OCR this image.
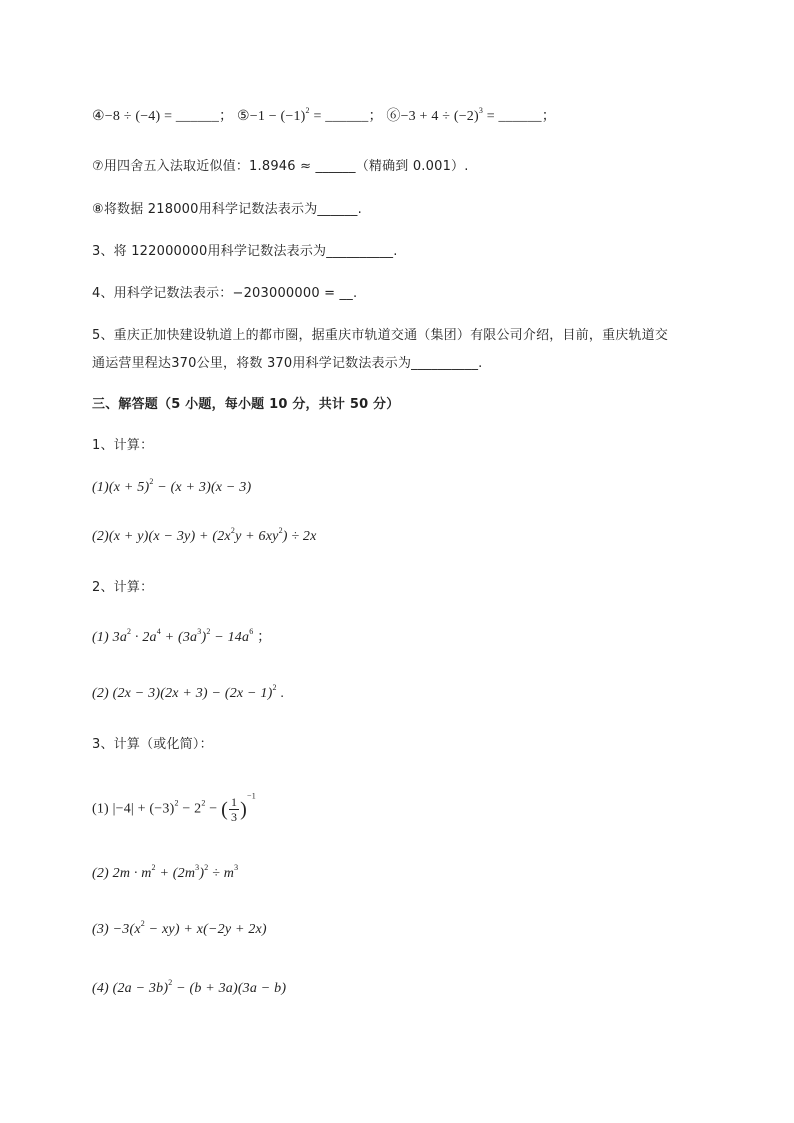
④−8 ÷ (−4) = ______； ⑤−1 − $(-1)^2$ = ______； ⑥−3 + $4 \div (-2)^3$ = ______；
⑦用四舍五入法取近似值：1.8946 ≈ ______（精确到 0.001）.
⑧将数据 218000用科学记数法表示为______.
3、将 122000000用科学记数法表示为__________.
4、用科学记数法表示：−203000000 = __.
5、重庆正加快建设轨道上的都市圈，据重庆市轨道交通（集团）有限公司介绍，目前，重庆轨道交
通运营里程达370公里，将数 370用科学记数法表示为__________.
三、解答题（5 小题，每小题 10 分，共计 50 分）
1、计算：
$(1)(x + 5)^2 - (x + 3)(x - 3)$
$(2)(x + y)(x - 3y) + (2x^2y + 6xy^2) \div 2x$
2、计算：
(1) $3a^2 \cdot 2a^4 + (3a^3)^2 - 14a^6$ ；
(2) $(2x - 3)(2x + 3) - (2x - 1)^2$ .
3、计算（或化简）：
(1) $|-4| + (-3)^2 - 2^2$ − ( $\frac{1}{3} )^{-1}$
(2) $2m \cdot m^2 + (2m^3)^2 \div m^3$
$(3) -3(x^2 - xy) + x(-2y + 2x)$
(4) $(2a - 3b)^2 - (b + 3a)(3a - b)$
